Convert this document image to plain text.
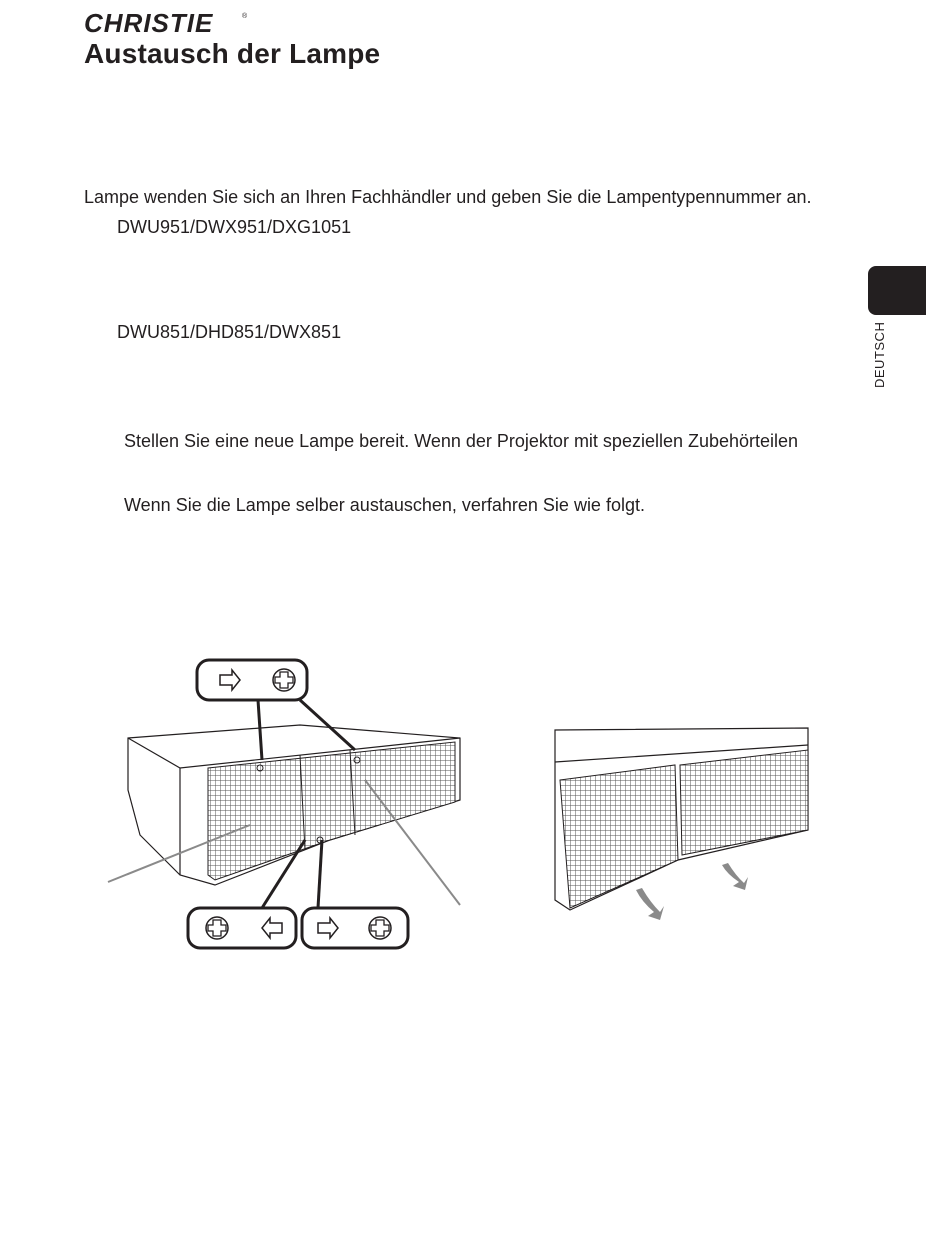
CHRISTIE	®
Austausch der Lampe

Lampe wenden Sie sich an Ihren Fachhändler und geben Sie die Lampentypennummer an.

DWU951/DWX951/DXG1051

DWU851/DHD851/DWX851

Stellen Sie eine neue Lampe bereit. Wenn der Projektor mit speziellen Zubehörteilen

Wenn Sie die Lampe selber austauschen, verfahren Sie wie folgt.

DEUTSCH
